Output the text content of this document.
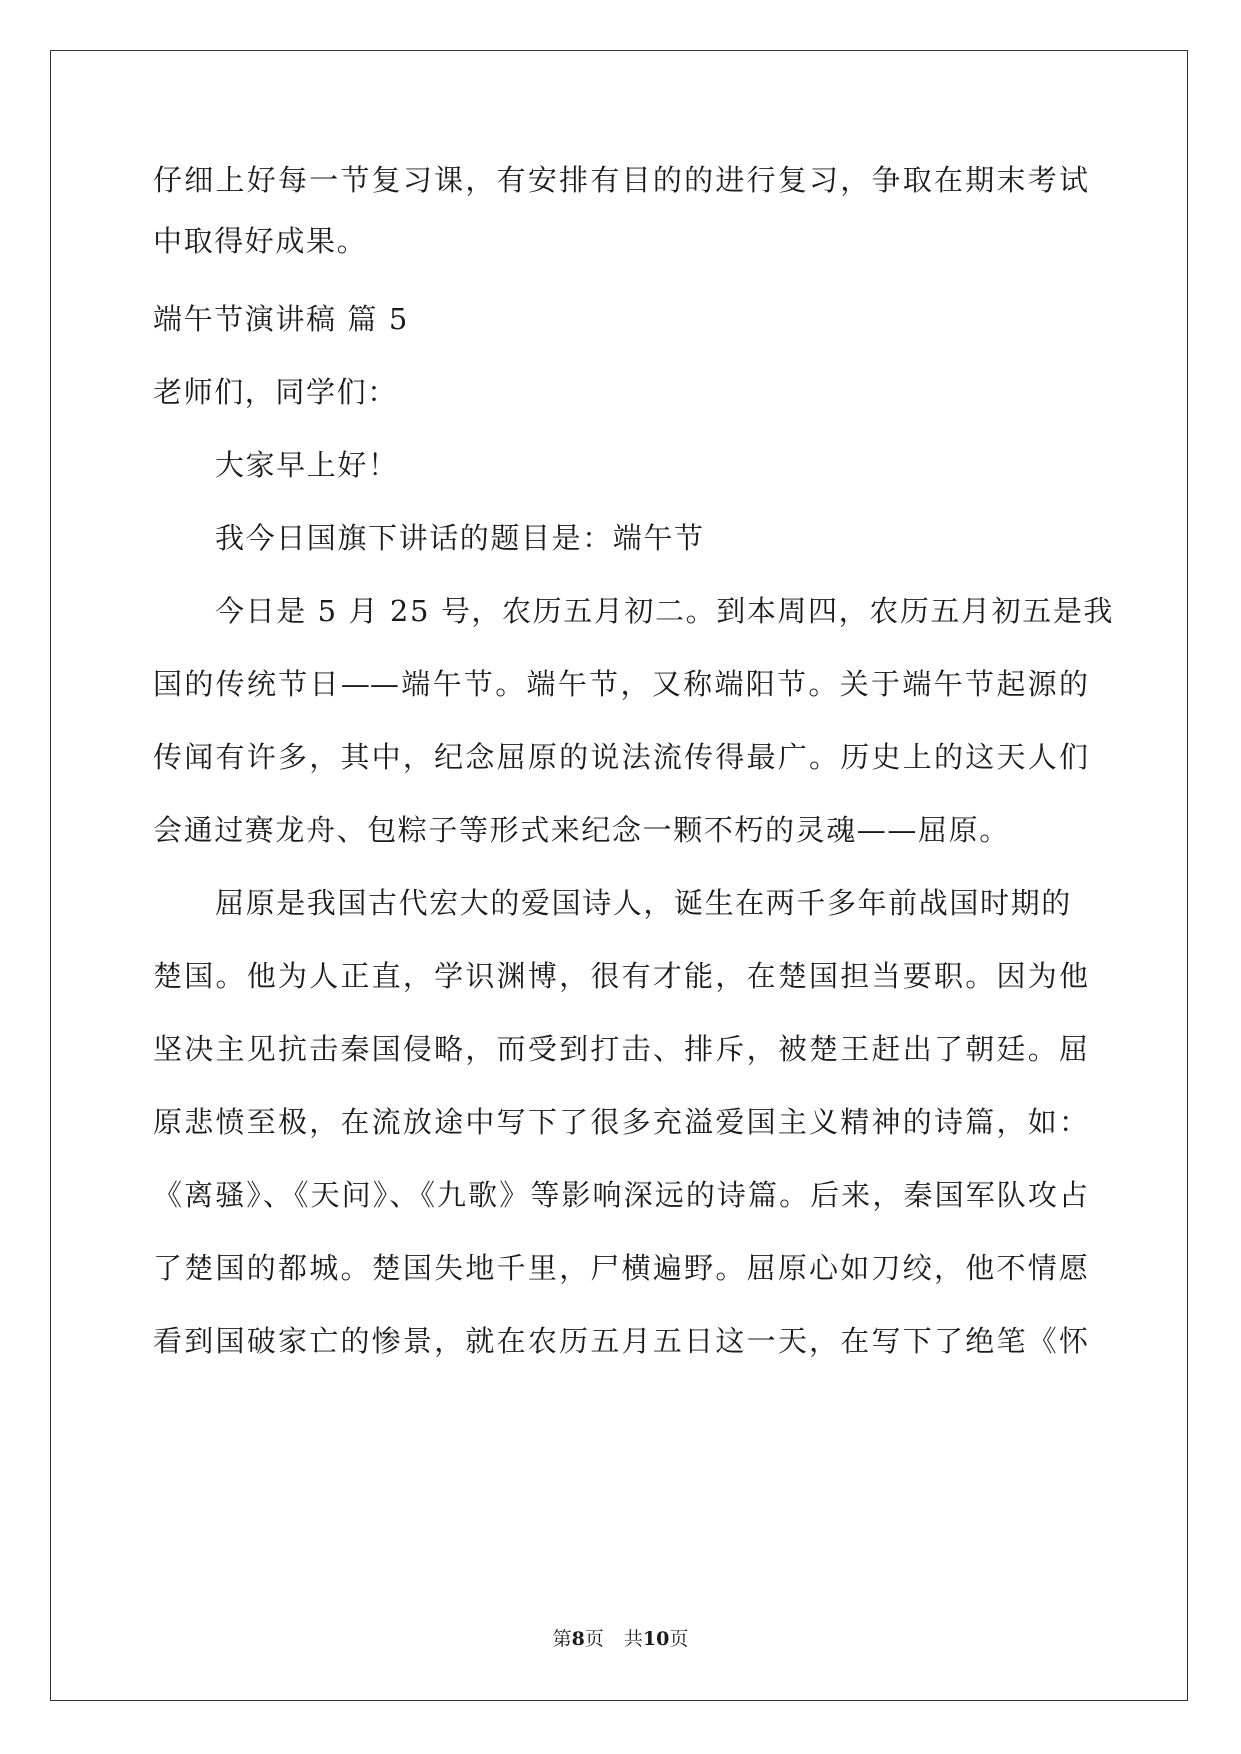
仔细上好每一节复习课，有安排有目的的进行复习，争取在期末考试
中取得好成果。
端午节演讲稿 篇 5
老师们，同学们：
大家早上好！
我今日国旗下讲话的题目是：端午节
今日是 5 月 25 号，农历五月初二。到本周四，农历五月初五是我
国的传统节日——端午节。端午节，又称端阳节。关于端午节起源的
传闻有许多，其中，纪念屈原的说法流传得最广。历史上的这天人们
会通过赛龙舟、包粽子等形式来纪念一颗不朽的灵魂——屈原。
屈原是我国古代宏大的爱国诗人，诞生在两千多年前战国时期的
楚国。他为人正直，学识渊博，很有才能，在楚国担当要职。因为他
坚决主见抗击秦国侵略，而受到打击、排斥，被楚王赶出了朝廷。屈
原悲愤至极，在流放途中写下了很多充溢爱国主义精神的诗篇，如：
《离骚》、《天问》、《九歌》等影响深远的诗篇。后来，秦国军队攻占
了楚国的都城。楚国失地千里，尸横遍野。屈原心如刀绞，他不情愿
看到国破家亡的惨景，就在农历五月五日这一天，在写下了绝笔《怀
第8页 共10页
